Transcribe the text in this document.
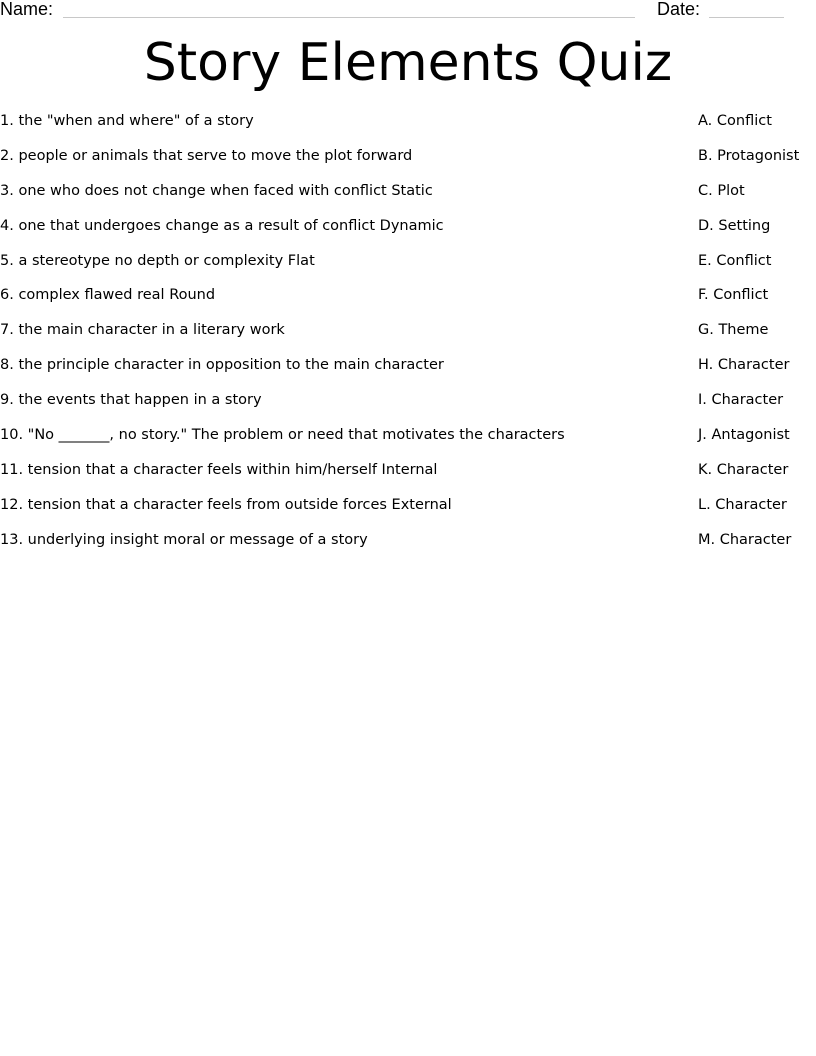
Name:	Date:
Story Elements Quiz
1. the "when and where" of a story	A. Conflict
2. people or animals that serve to move the plot forward	B. Protagonist
3. one who does not change when faced with conflict Static	C. Plot
4. one that undergoes change as a result of conflict Dynamic	D. Setting
5. a stereotype no depth or complexity Flat	E. Conflict
6. complex flawed real Round	F. Conflict
7. the main character in a literary work	G. Theme
8. the principle character in opposition to the main character	H. Character
9. the events that happen in a story	I. Character
10. "No _______, no story." The problem or need that motivates the characters	J. Antagonist
11. tension that a character feels within him/herself Internal	K. Character
12. tension that a character feels from outside forces External	L. Character
13. underlying insight moral or message of a story	M. Character
